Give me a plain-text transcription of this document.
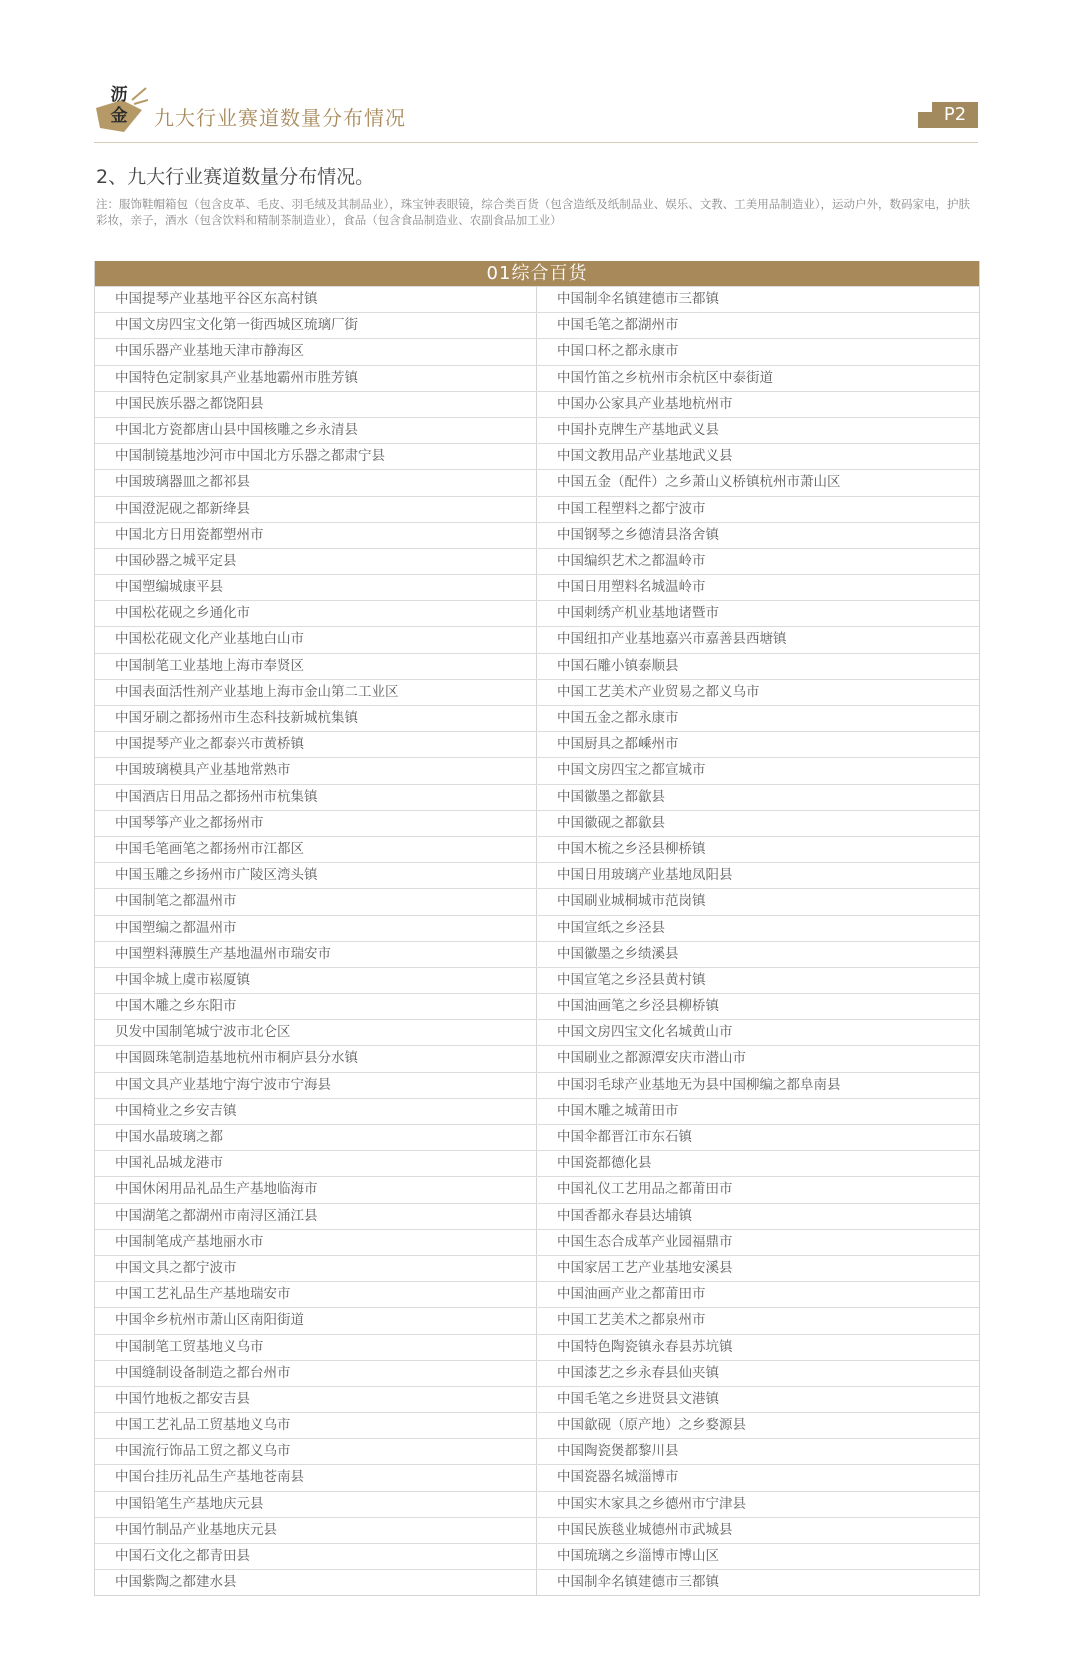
沥
金	九大行业赛道数量分布情况	P2
2、九大行业赛道数量分布情况。
注：服饰鞋帽箱包（包含皮革、毛皮、羽毛绒及其制品业），珠宝钟表眼镜，综合类百货（包含造纸及纸制品业、娱乐、文教、工美用品制造业），运动户外，数码家电，护肤彩妆，亲子，酒水（包含饮料和精制茶制造业），食品（包含食品制造业、农副食品加工业）
01综合百货
中国提琴产业基地平谷区东高村镇	中国制伞名镇建德市三都镇
中国文房四宝文化第一街西城区琉璃厂街	中国毛笔之都湖州市
中国乐器产业基地天津市静海区	中国口杯之都永康市
中国特色定制家具产业基地霸州市胜芳镇	中国竹笛之乡杭州市余杭区中泰街道
中国民族乐器之都饶阳县	中国办公家具产业基地杭州市
中国北方瓷都唐山县中国核雕之乡永清县	中国扑克牌生产基地武义县
中国制镜基地沙河市中国北方乐器之都肃宁县	中国文教用品产业基地武义县
中国玻璃器皿之都祁县	中国五金（配件）之乡萧山义桥镇杭州市萧山区
中国澄泥砚之都新绛县	中国工程塑料之都宁波市
中国北方日用瓷都塑州市	中国钢琴之乡德清县洛舍镇
中国砂器之城平定县	中国编织艺术之都温岭市
中国塑编城康平县	中国日用塑料名城温岭市
中国松花砚之乡通化市	中国刺绣产机业基地诸暨市
中国松花砚文化产业基地白山市	中国纽扣产业基地嘉兴市嘉善县西塘镇
中国制笔工业基地上海市奉贤区	中国石雕小镇泰顺县
中国表面活性剂产业基地上海市金山第二工业区	中国工艺美术产业贸易之都义乌市
中国牙刷之都扬州市生态科技新城杭集镇	中国五金之都永康市
中国提琴产业之都泰兴市黄桥镇	中国厨具之都嵊州市
中国玻璃模具产业基地常熟市	中国文房四宝之都宣城市
中国酒店日用品之都扬州市杭集镇	中国徽墨之都歙县
中国琴筝产业之都扬州市	中国徽砚之都歙县
中国毛笔画笔之都扬州市江都区	中国木梳之乡泾县柳桥镇
中国玉雕之乡扬州市广陵区湾头镇	中国日用玻璃产业基地凤阳县
中国制笔之都温州市	中国刷业城桐城市范岗镇
中国塑编之都温州市	中国宣纸之乡泾县
中国塑料薄膜生产基地温州市瑞安市	中国徽墨之乡绩溪县
中国伞城上虞市崧厦镇	中国宣笔之乡泾县黄村镇
中国木雕之乡东阳市	中国油画笔之乡泾县柳桥镇
贝发中国制笔城宁波市北仑区	中国文房四宝文化名城黄山市
中国圆珠笔制造基地杭州市桐庐县分水镇	中国刷业之都源潭安庆市潜山市
中国文具产业基地宁海宁波市宁海县	中国羽毛球产业基地无为县中国柳编之都阜南县
中国椅业之乡安吉镇	中国木雕之城莆田市
中国水晶玻璃之都	中国伞都晋江市东石镇
中国礼品城龙港市	中国瓷都德化县
中国休闲用品礼品生产基地临海市	中国礼仪工艺用品之都莆田市
中国湖笔之都湖州市南浔区涌江县	中国香都永春县达埔镇
中国制笔成产基地丽水市	中国生态合成革产业园福鼎市
中国文具之都宁波市	中国家居工艺产业基地安溪县
中国工艺礼品生产基地瑞安市	中国油画产业之都莆田市
中国伞乡杭州市萧山区南阳街道	中国工艺美术之都泉州市
中国制笔工贸基地义乌市	中国特色陶瓷镇永春县苏坑镇
中国缝制设备制造之都台州市	中国漆艺之乡永春县仙夹镇
中国竹地板之都安吉县	中国毛笔之乡进贤县文港镇
中国工艺礼品工贸基地义乌市	中国歙砚（原产地）之乡婺源县
中国流行饰品工贸之都义乌市	中国陶瓷煲都黎川县
中国台挂历礼品生产基地苍南县	中国瓷器名城淄博市
中国铅笔生产基地庆元县	中国实木家具之乡德州市宁津县
中国竹制品产业基地庆元县	中国民族毯业城德州市武城县
中国石文化之都青田县	中国琉璃之乡淄博市博山区
中国紫陶之都建水县	中国制伞名镇建德市三都镇
